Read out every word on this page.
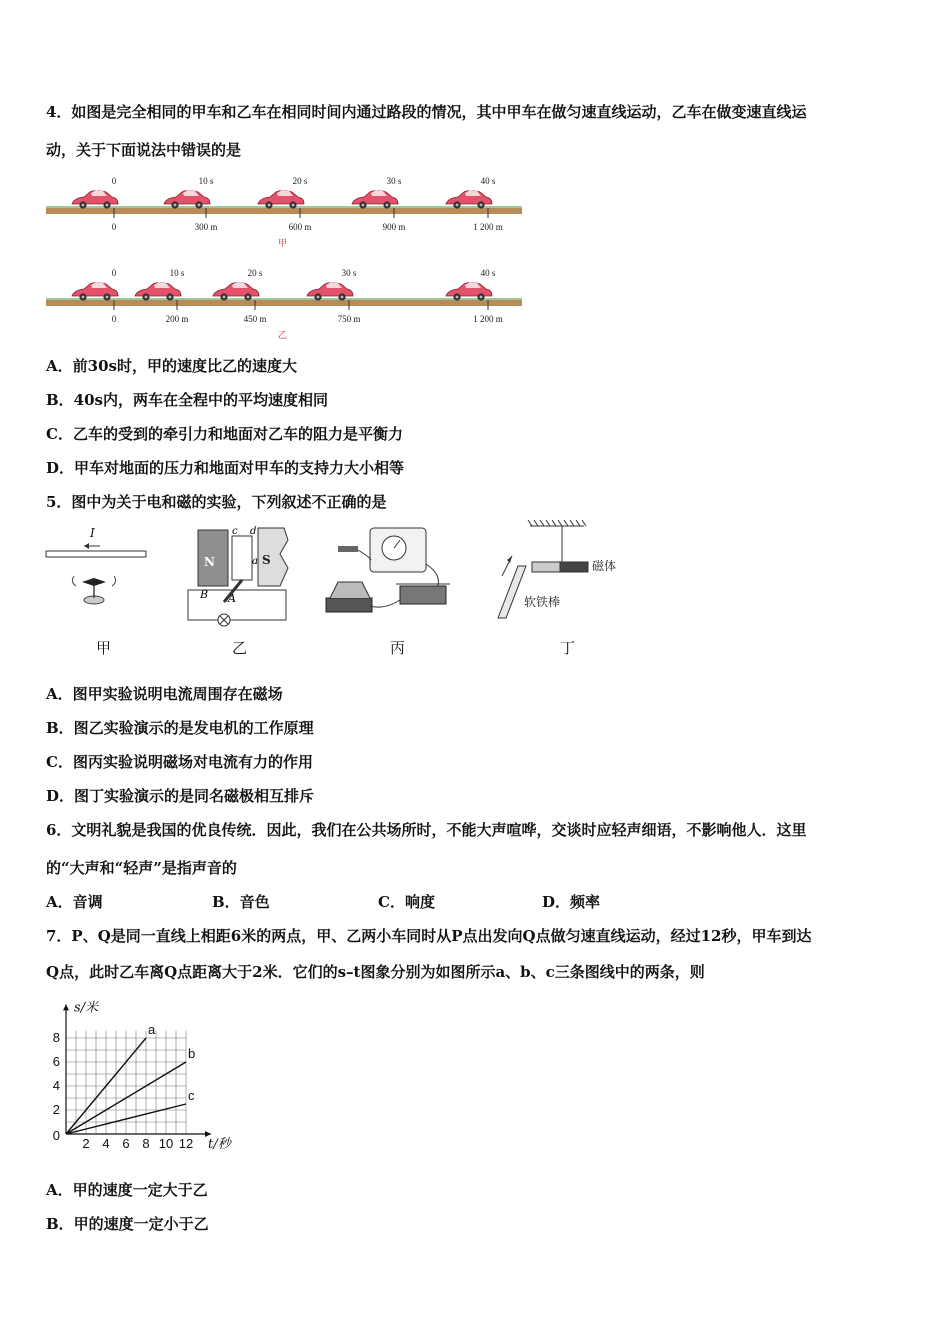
4．如图是完全相同的甲车和乙车在相同时间内通过路段的情况，其中甲车在做匀速直线运动，乙车在做变速直线运
动，关于下面说法中错误的是
0
0
10 s
300 m
20 s
600 m
30 s
900 m
40 s
1 200 m
甲
0
0
10 s
200 m
20 s
450 m
30 s
750 m
40 s
1 200 m
乙
A．前30s时，甲的速度比乙的速度大
B．40s内，两车在全程中的平均速度相同
C．乙车的受到的牵引力和地面对乙车的阻力是平衡力
D．甲车对地面的压力和地面对甲车的支持力大小相等
5．图中为关于电和磁的实验，下列叙述不正确的是
I
N	S
c d
a
B A
磁体
软铁棒
甲	乙	丙	丁
A．图甲实验说明电流周围存在磁场
B．图乙实验演示的是发电机的工作原理
C．图丙实验说明磁场对电流有力的作用
D．图丁实验演示的是同名磁极相互排斥
6．文明礼貌是我国的优良传统．因此，我们在公共场所时，不能大声喧哗，交谈时应轻声细语，不影响他人．这里
的“大声和“轻声”是指声音的
A．音调	B．音色	C．响度	D．频率
7．P、Q是同一直线上相距6米的两点，甲、乙两小车同时从P点出发向Q点做匀速直线运动，经过12秒，甲车到达
Q点，此时乙车离Q点距离大于2米．它们的s–t图象分别为如图所示a、b、c三条图线中的两条，则
a
b
c
2 4 6 8 10 12
2
4
6
8
0
s/米
t/秒
A．甲的速度一定大于乙
B．甲的速度一定小于乙
